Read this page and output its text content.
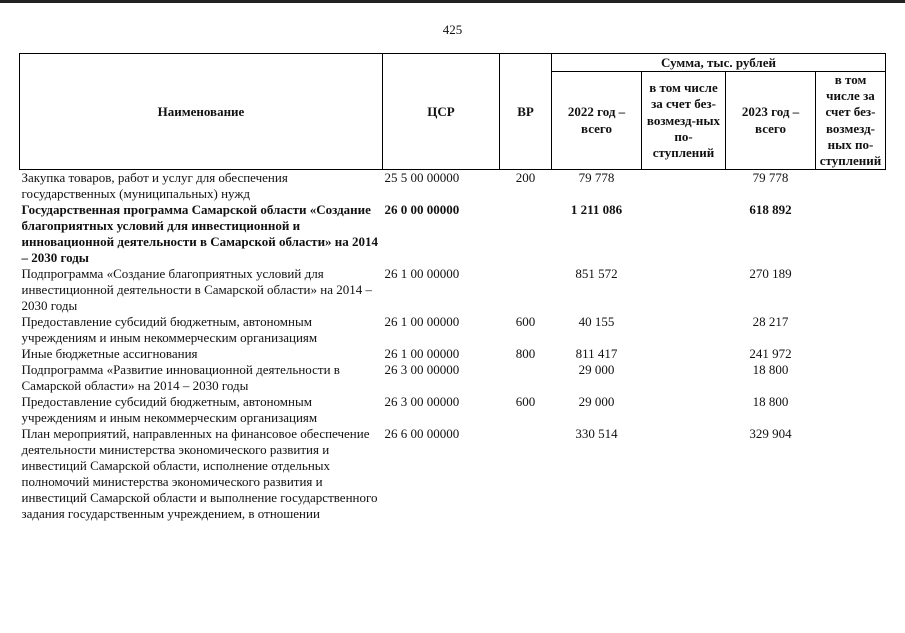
425
Наименование	ЦСР	ВР	Сумма, тыс. рублей			
			2022 год – всего	в том числе за счет без-возмезд-ных по-ступлений	2023 год – всего	в том числе за счет без-возмезд-ных по-ступлений
Закупка товаров, работ и услуг для обеспечения государственных (муниципальных) нужд	25 5 00 00000	200	79 778		79 778	
Государственная программа Самарской области «Создание благоприятных условий для инвестиционной и инновационной деятельности в Самарской области» на 2014 – 2030 годы	26 0 00 00000		1 211 086		618 892	
Подпрограмма «Создание благоприятных условий для инвестиционной деятельности в Самарской области» на 2014 – 2030 годы	26 1 00 00000		851 572		270 189	
Предоставление субсидий бюджетным, автономным учреждениям и иным некоммерческим организациям	26 1 00 00000	600	40 155		28 217	
Иные бюджетные ассигнования	26 1 00 00000	800	811 417		241 972	
Подпрограмма «Развитие инновационной деятельности в Самарской области» на 2014 – 2030 годы	26 3 00 00000		29 000		18 800	
Предоставление субсидий бюджетным, автономным учреждениям и иным некоммерческим организациям	26 3 00 00000	600	29 000		18 800	
План мероприятий, направленных на финансовое обеспечение деятельности министерства экономического развития и инвестиций Самарской области, исполнение отдельных полномочий министерства экономического развития и инвестиций Самарской области и выполнение государственного задания государственным учреждением, в отношении	26 6 00 00000		330 514		329 904	
